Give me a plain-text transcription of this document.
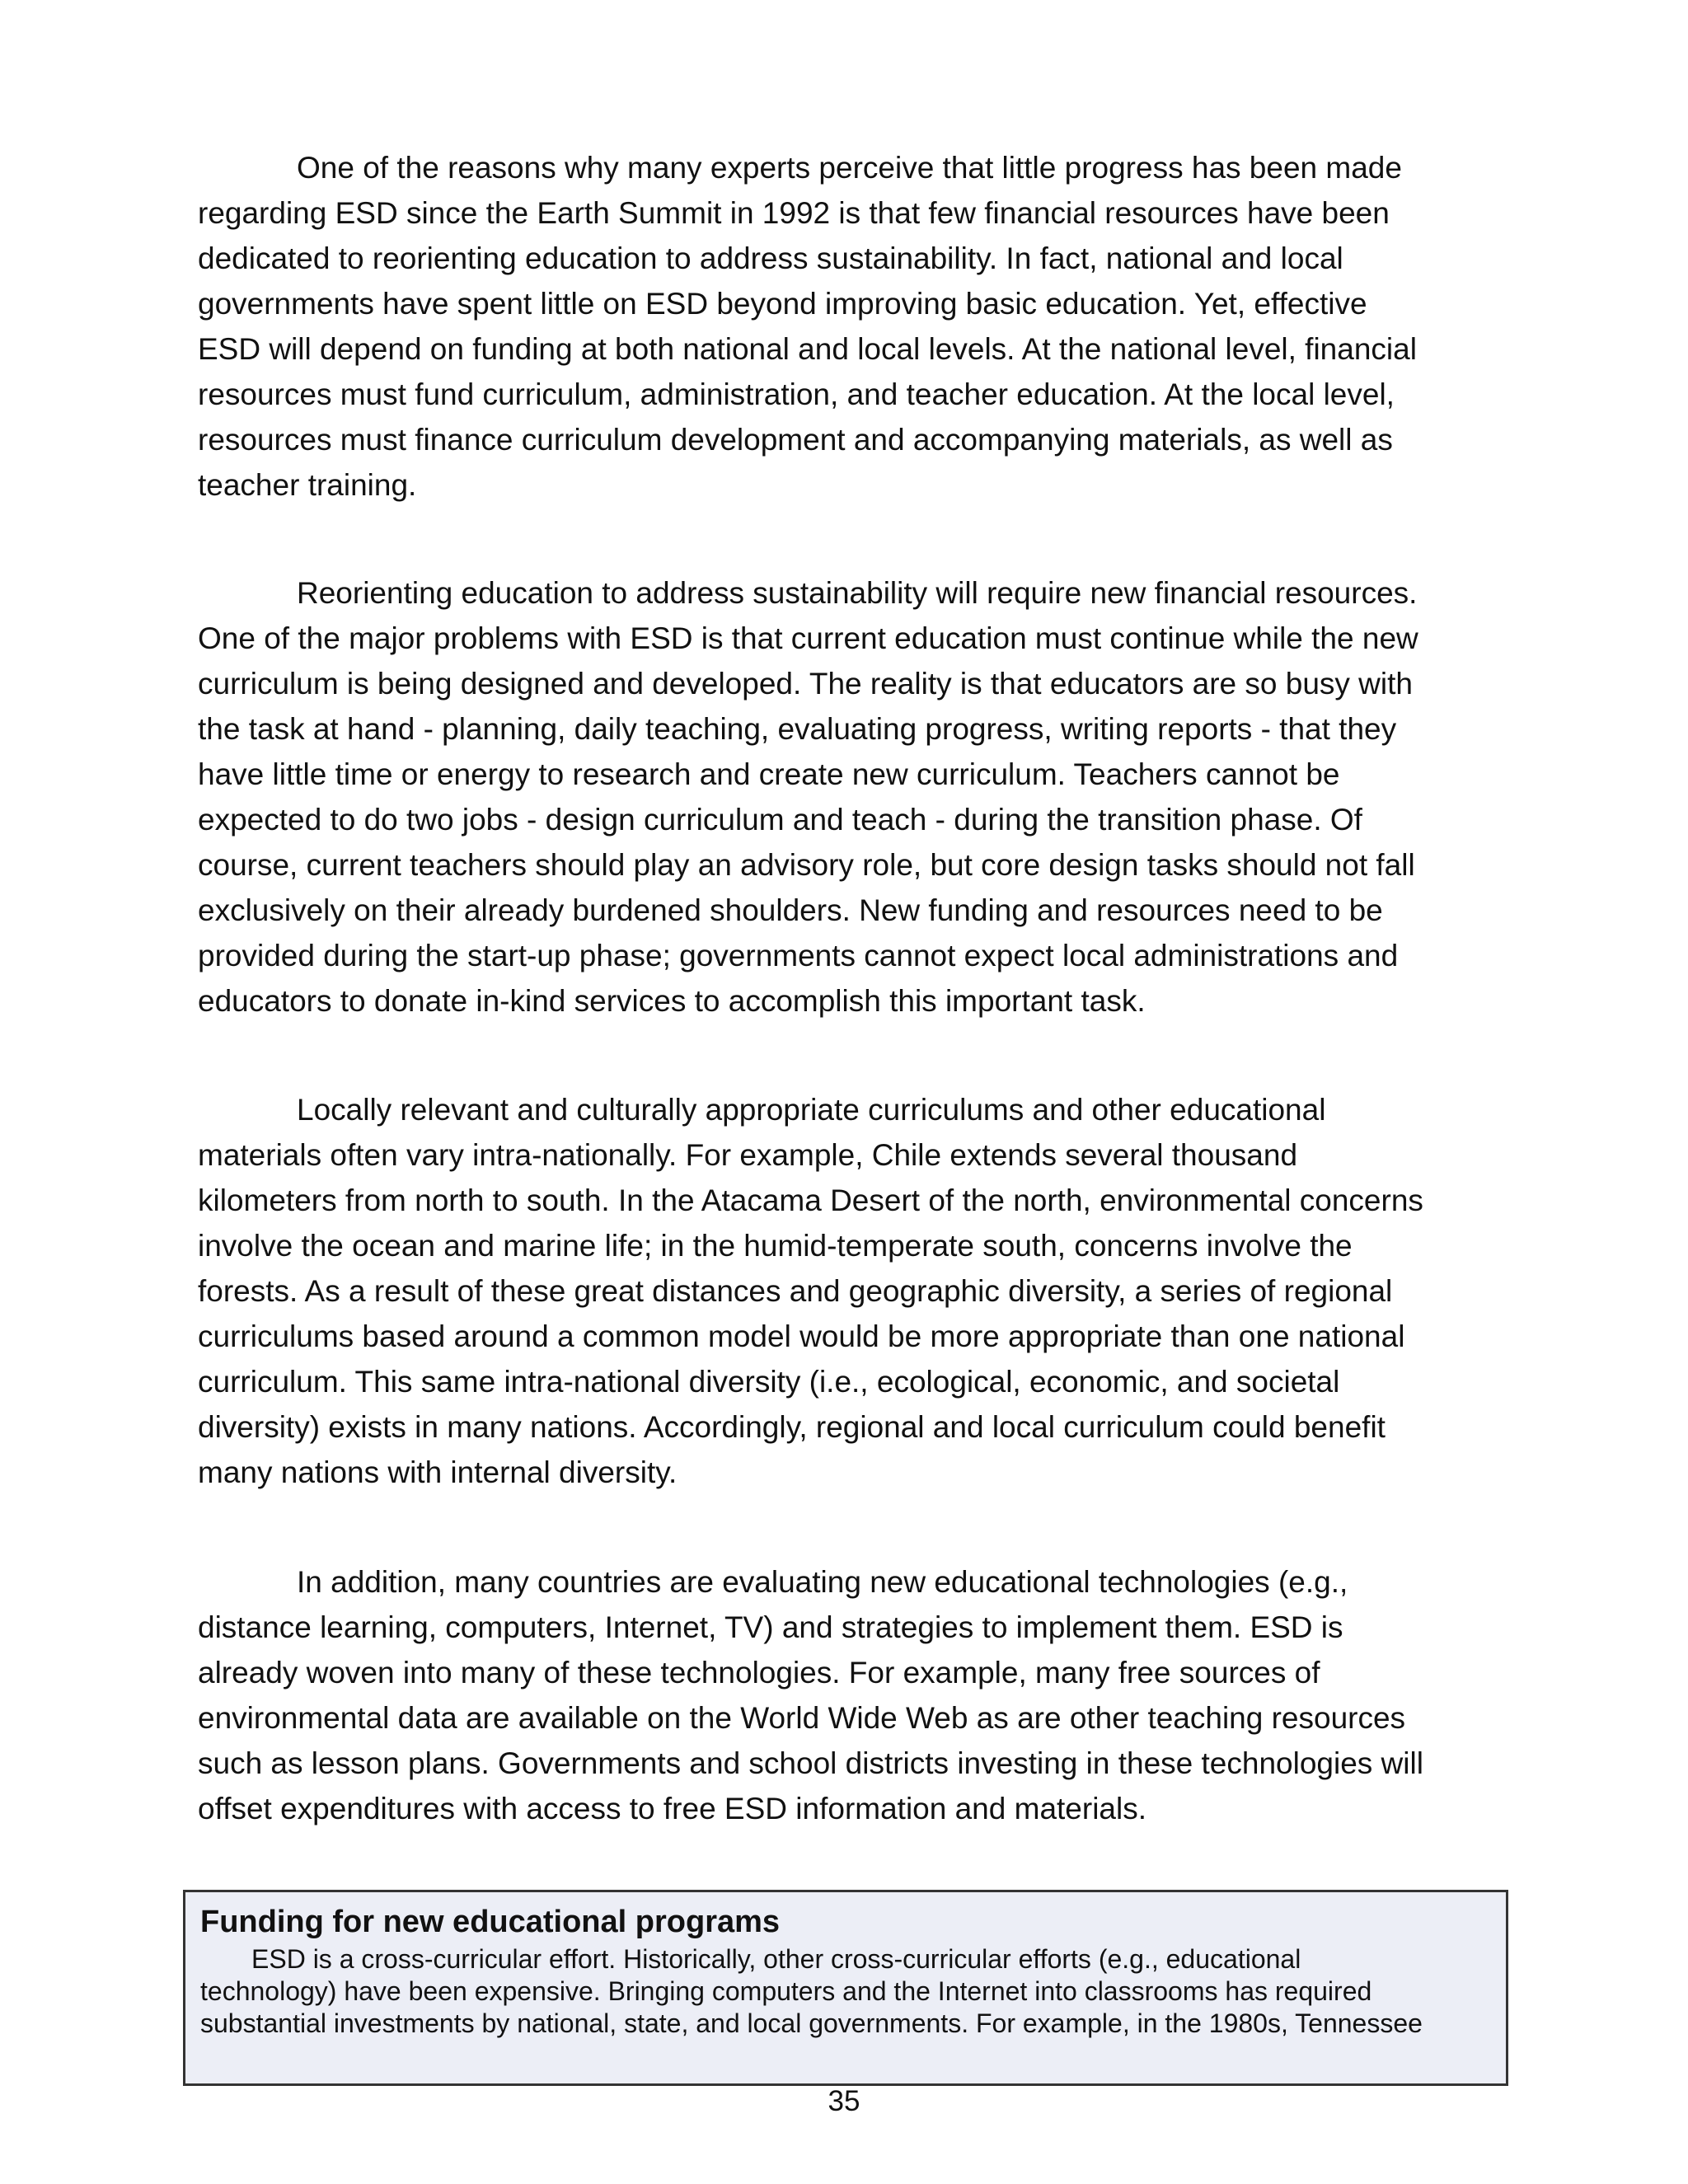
One of the reasons why many experts perceive that little progress has been made
regarding ESD since the Earth Summit in 1992 is that few financial resources have been
dedicated to reorienting education to address sustainability. In fact, national and local
governments have spent little on ESD beyond improving basic education. Yet, effective
ESD will depend on funding at both national and local levels. At the national level, financial
resources must fund curriculum, administration, and teacher education. At the local level,
resources must finance curriculum development and accompanying materials, as well as
teacher training.
Reorienting education to address sustainability will require new financial resources.
One of the major problems with ESD is that current education must continue while the new
curriculum is being designed and developed. The reality is that educators are so busy with
the task at hand - planning, daily teaching, evaluating progress, writing reports - that they
have little time or energy to research and create new curriculum. Teachers cannot be
expected to do two jobs - design curriculum and teach - during the transition phase. Of
course, current teachers should play an advisory role, but core design tasks should not fall
exclusively on their already burdened shoulders. New funding and resources need to be
provided during the start-up phase; governments cannot expect local administrations and
educators to donate in-kind services to accomplish this important task.
Locally relevant and culturally appropriate curriculums and other educational
materials often vary intra-nationally. For example, Chile extends several thousand
kilometers from north to south. In the Atacama Desert of the north, environmental concerns
involve the ocean and marine life; in the humid-temperate south, concerns involve the
forests. As a result of these great distances and geographic diversity, a series of regional
curriculums based around a common model would be more appropriate than one national
curriculum. This same intra-national diversity (i.e., ecological, economic, and societal
diversity) exists in many nations. Accordingly, regional and local curriculum could benefit
many nations with internal diversity.
In addition, many countries are evaluating new educational technologies (e.g.,
distance learning, computers, Internet, TV) and strategies to implement them. ESD is
already woven into many of these technologies. For example, many free sources of
environmental data are available on the World Wide Web as are other teaching resources
such as lesson plans. Governments and school districts investing in these technologies will
offset expenditures with access to free ESD information and materials.

Funding for new educational programs

ESD is a cross-curricular effort. Historically, other cross-curricular efforts (e.g., educational
technology) have been expensive. Bringing computers and the Internet into classrooms has required
substantial investments by national, state, and local governments. For example, in the 1980s, Tennessee
35
